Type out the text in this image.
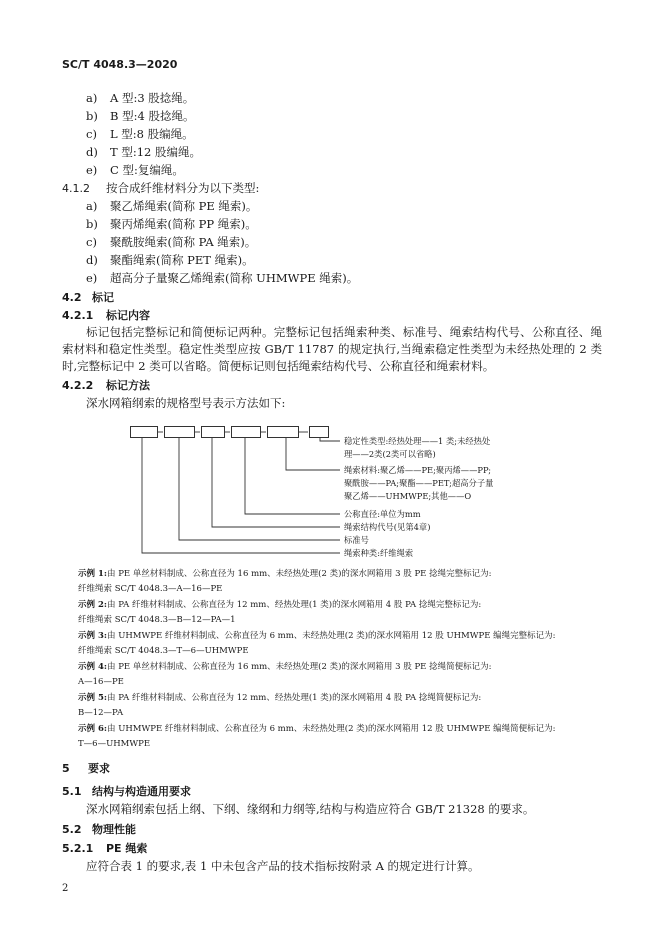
SC/T 4048.3—2020
a) A 型:3 股捻绳。
b) B 型:4 股捻绳。
c) L 型:8 股编绳。
d) T 型:12 股编绳。
e) C 型:复编绳。
4.1.2 按合成纤维材料分为以下类型:
a) 聚乙烯绳索(简称 PE 绳索)。
b) 聚丙烯绳索(简称 PP 绳索)。
c) 聚酰胺绳索(简称 PA 绳索)。
d) 聚酯绳索(简称 PET 绳索)。
e) 超高分子量聚乙烯绳索(简称 UHMWPE 绳索)。
4.2 标记
4.2.1 标记内容
标记包括完整标记和简便标记两种。完整标记包括绳索种类、标准号、绳索结构代号、公称直径、绳索材料和稳定性类型。稳定性类型应按 GB/T 11787 的规定执行,当绳索稳定性类型为未经热处理的 2 类时,完整标记中 2 类可以省略。简便标记则包括绳索结构代号、公称直径和绳索材料。
4.2.2 标记方法
深水网箱纲索的规格型号表示方法如下:
稳定性类型:经热处理——1 类;未经热处
理——2类(2类可以省略)
绳索材料:聚乙烯——PE;聚丙烯——PP;
聚酰胺——PA;聚酯——PET;超高分子量
聚乙烯——UHMWPE;其他——O
公称直径:单位为mm
绳索结构代号(见第4章)
标准号
绳索种类:纤维绳索
示例 1:由 PE 单丝材料制成、公称直径为 16 mm、未经热处理(2 类)的深水网箱用 3 股 PE 捻绳完整标记为:
纤维绳索 SC/T 4048.3—A—16—PE
示例 2:由 PA 纤维材料制成、公称直径为 12 mm、经热处理(1 类)的深水网箱用 4 股 PA 捻绳完整标记为:
纤维绳索 SC/T 4048.3—B—12—PA—1
示例 3:由 UHMWPE 纤维材料制成、公称直径为 6 mm、未经热处理(2 类)的深水网箱用 12 股 UHMWPE 编绳完整标记为:
纤维绳索 SC/T 4048.3—T—6—UHMWPE
示例 4:由 PE 单丝材料制成、公称直径为 16 mm、未经热处理(2 类)的深水网箱用 3 股 PE 捻绳简便标记为:
A—16—PE
示例 5:由 PA 纤维材料制成、公称直径为 12 mm、经热处理(1 类)的深水网箱用 4 股 PA 捻绳简便标记为:
B—12—PA
示例 6:由 UHMWPE 纤维材料制成、公称直径为 6 mm、未经热处理(2 类)的深水网箱用 12 股 UHMWPE 编绳简便标记为:
T—6—UHMWPE
5 要求
5.1 结构与构造通用要求
深水网箱纲索包括上纲、下纲、缘纲和力纲等,结构与构造应符合 GB/T 21328 的要求。
5.2 物理性能
5.2.1 PE 绳索
应符合表 1 的要求,表 1 中未包含产品的技术指标按附录 A 的规定进行计算。
2
